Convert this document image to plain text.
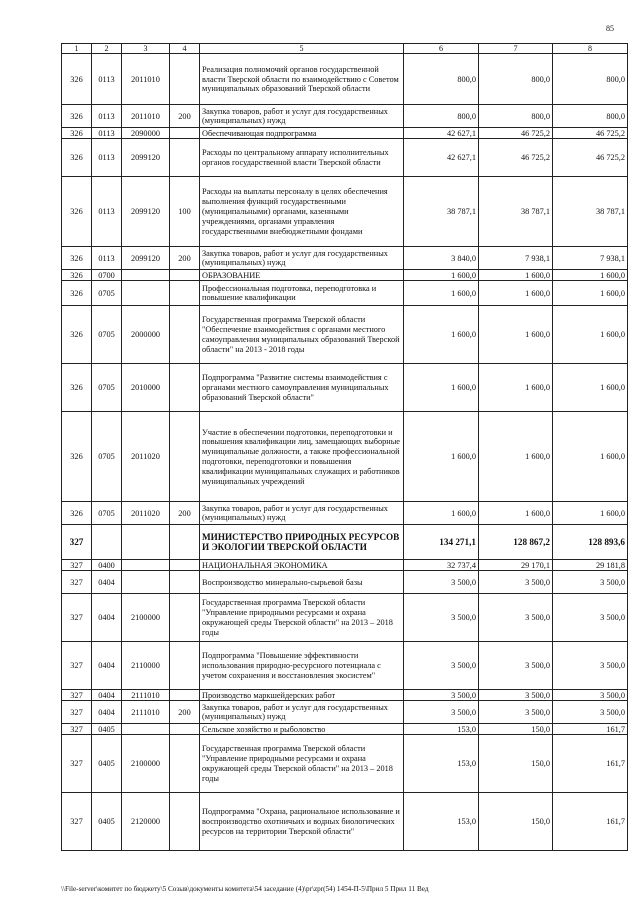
85
1	2	3	4	5	6	7	8
326	0113	2011010		Реализация полномочий органов государственной власти Тверской области по взаимодействию с Советом муниципальных образований Тверской области	800,0	800,0	800,0
326	0113	2011010	200	Закупка товаров, работ и услуг для государственных (муниципальных) нужд	800,0	800,0	800,0
326	0113	2090000		Обеспечивающая подпрограмма	42 627,1	46 725,2	46 725,2
326	0113	2099120		Расходы по центральному аппарату исполнительных органов государственной власти Тверской области	42 627,1	46 725,2	46 725,2
326	0113	2099120	100	Расходы на выплаты персоналу в целях обеспечения выполнения функций государственными (муниципальными) органами, казенными учреждениями, органами управления государственными внебюджетными фондами	38 787,1	38 787,1	38 787,1
326	0113	2099120	200	Закупка товаров, работ и услуг для государственных (муниципальных) нужд	3 840,0	7 938,1	7 938,1
326	0700			ОБРАЗОВАНИЕ	1 600,0	1 600,0	1 600,0
326	0705			Профессиональная подготовка, переподготовка и повышение квалификации	1 600,0	1 600,0	1 600,0
326	0705	2000000		Государственная программа Тверской области "Обеспечение взаимодействия с органами местного самоуправления муниципальных образований Тверской области" на 2013 - 2018 годы	1 600,0	1 600,0	1 600,0
326	0705	2010000		Подпрограмма "Развитие системы взаимодействия с органами местного самоуправления муниципальных образований Тверской области"	1 600,0	1 600,0	1 600,0
326	0705	2011020		Участие в обеспечении подготовки, переподготовки и повышения квалификации лиц, замещающих выборные муниципальные должности, а также профессиональной подготовки, переподготовки и повышения квалификации муниципальных служащих и работников муниципальных учреждений	1 600,0	1 600,0	1 600,0
326	0705	2011020	200	Закупка товаров, работ и услуг для государственных (муниципальных) нужд	1 600,0	1 600,0	1 600,0
327				МИНИСТЕРСТВО ПРИРОДНЫХ РЕСУРСОВ И ЭКОЛОГИИ ТВЕРСКОЙ ОБЛАСТИ	134 271,1	128 867,2	128 893,6
327	0400			НАЦИОНАЛЬНАЯ ЭКОНОМИКА	32 737,4	29 170,1	29 181,8
327	0404			Воспроизводство минерально-сырьевой базы	3 500,0	3 500,0	3 500,0
327	0404	2100000		Государственная программа Тверской области "Управление природными ресурсами и охрана окружающей среды Тверской области" на 2013 – 2018 годы	3 500,0	3 500,0	3 500,0
327	0404	2110000		Подпрограмма "Повышение эффективности использования природно-ресурсного потенциала с учетом сохранения и восстановления экосистем"	3 500,0	3 500,0	3 500,0
327	0404	2111010		Производство маркшейдерских работ	3 500,0	3 500,0	3 500,0
327	0404	2111010	200	Закупка товаров, работ и услуг для государственных (муниципальных) нужд	3 500,0	3 500,0	3 500,0
327	0405			Сельское хозяйство и рыболовство	153,0	150,0	161,7
327	0405	2100000		Государственная программа Тверской области "Управление природными ресурсами и охрана окружающей среды Тверской области" на 2013 – 2018 годы	153,0	150,0	161,7
327	0405	2120000		Подпрограмма "Охрана, рациональное использование и воспроизводство охотничьих и водных биологических ресурсов на территории Тверской области"	153,0	150,0	161,7
\\File-server\комитет по бюджету\5 Созыв\документы комитета\54 заседание (4)\pr\zpr(54) 1454-П-5\Прил 5 Прил 11 Вед
